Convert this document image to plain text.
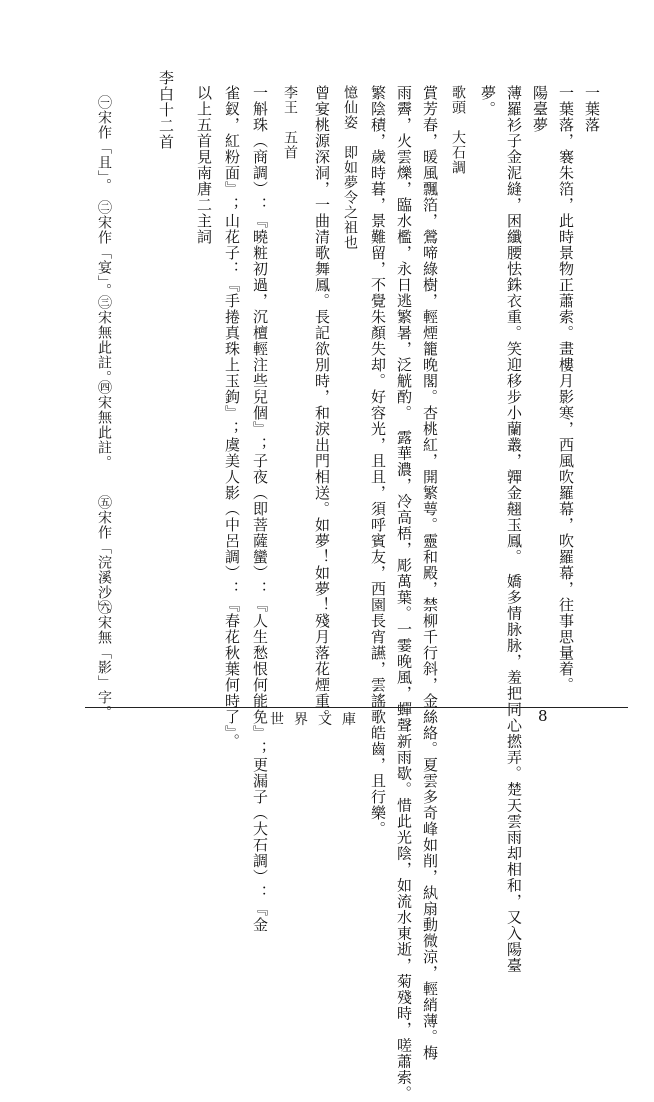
一葉落
一葉落，褰朱箔，此時景物正蕭索。畫樓月影寒，西風吹羅幕，吹羅幕，往事思量着。
陽臺夢
薄羅衫子金泥縫，困纖腰怯銖衣重。笑迎移步小蘭叢，嚲金翹玉鳳。　嬌多情脉脉，羞把同心撚弄。楚天雲雨却相和，又入陽臺
夢。
歌頭　大石調
賞芳春，暖風飄箔，鶯啼綠樹，輕煙籠晚閣。杏桃紅，開繁萼。靈和殿，禁柳千行斜，金絲絡。夏雲多奇峰如削，紈扇動微涼，輕綃薄。梅
雨霽，火雲爍，臨水檻，永日逃繁暑，泛觥酌。　露華濃，冷高梧，彫萬葉。一霎晚風，蟬聲新雨歇。惜此光陰，如流水東逝，菊殘時，嗟蕭索。
繁陰積，歲時暮，景難留，不覺朱顏失却。好容光，且且，須呼賓友，西園長宵讌，雲謠歌皓齒，且行樂。
憶仙姿　即如夢令之祖也
曾宴桃源深洞，一曲清歌舞鳳。長記欲別時，和淚出門相送。如夢！如夢！殘月落花煙重。
李王　五首
一斛珠（商調）：『曉粧初過，沉檀輕注些兒個』；子夜（即菩薩蠻）：『人生愁恨何能免』；更漏子（大石調）：『金
雀釵，紅粉面』；山花子：『手捲真珠上玉鉤』；虞美人影（中呂調）：『春花秋葉何時了』。
以上五首見南唐二主詞
李白十二首
㊀宋作「且」。
㊁宋作「宴」。
㊂宋無此註。
㊃宋無此註。
㊄宋作「浣溪沙」。
㊅宋無「影」字。	世界文庫	8
